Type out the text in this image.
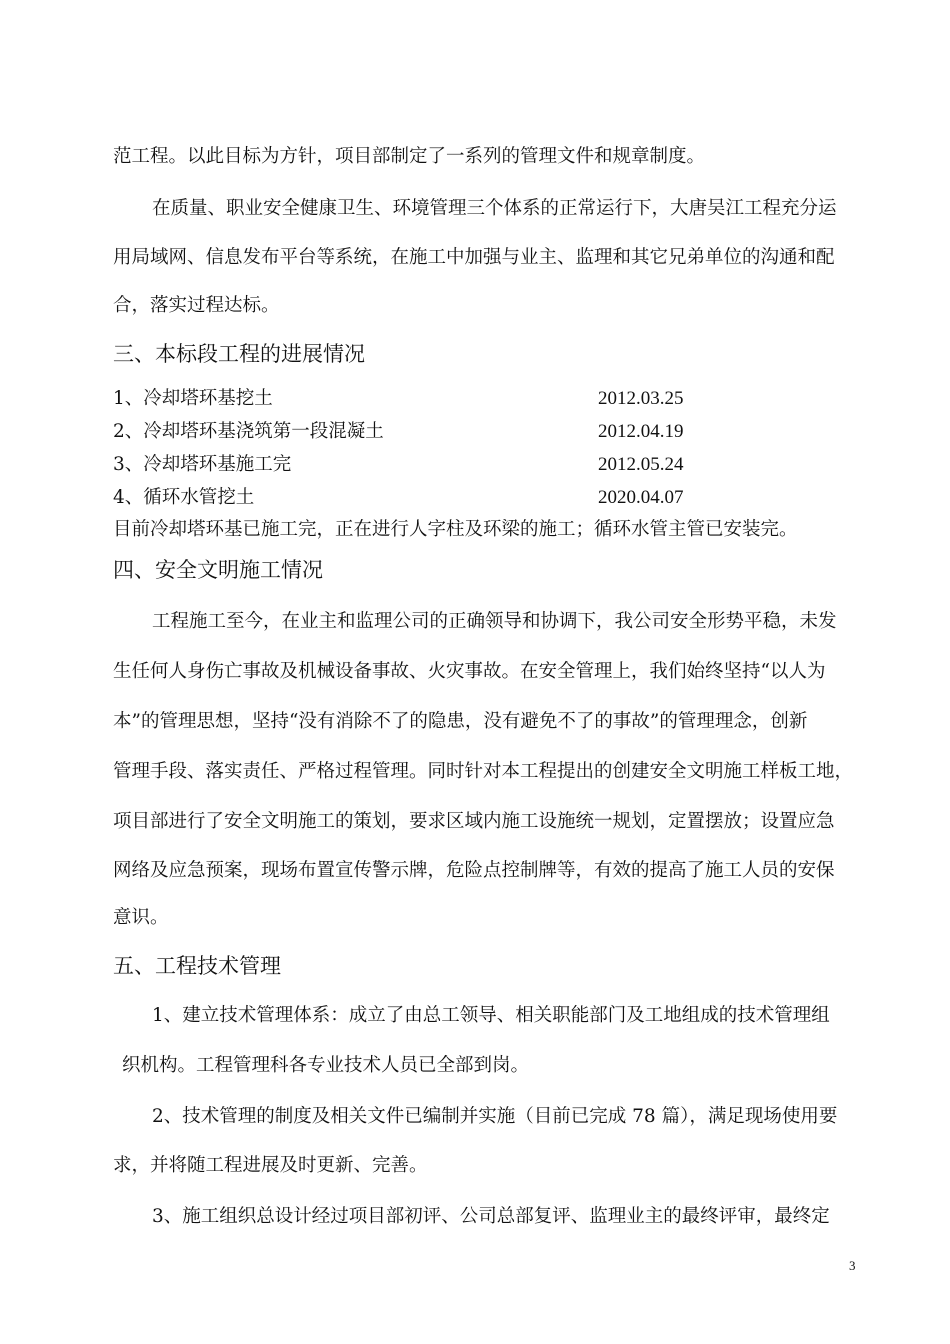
范工程。以此目标为方针，项目部制定了一系列的管理文件和规章制度。
在质量、职业安全健康卫生、环境管理三个体系的正常运行下，大唐吴江工程充分运
用局域网、信息发布平台等系统，在施工中加强与业主、监理和其它兄弟单位的沟通和配
合，落实过程达标。
三、本标段工程的进展情况
1、冷却塔环基挖土	2012.03.25
2、冷却塔环基浇筑第一段混凝土	2012.04.19
3、冷却塔环基施工完	2012.05.24
4、循环水管挖土	2020.04.07
目前冷却塔环基已施工完，正在进行人字柱及环梁的施工；循环水管主管已安装完。
四、安全文明施工情况
工程施工至今，在业主和监理公司的正确领导和协调下，我公司安全形势平稳，未发
生任何人身伤亡事故及机械设备事故、火灾事故。在安全管理上，我们始终坚持“以人为
本”的管理思想，坚持“没有消除不了的隐患，没有避免不了的事故”的管理理念，创新
管理手段、落实责任、严格过程管理。同时针对本工程提出的创建安全文明施工样板工地，
项目部进行了安全文明施工的策划，要求区域内施工设施统一规划，定置摆放；设置应急
网络及应急预案，现场布置宣传警示牌，危险点控制牌等，有效的提高了施工人员的安保
意识。
五、工程技术管理
1、建立技术管理体系：成立了由总工领导、相关职能部门及工地组成的技术管理组
织机构。工程管理科各专业技术人员已全部到岗。
2、技术管理的制度及相关文件已编制并实施（目前已完成 78 篇），满足现场使用要
求，并将随工程进展及时更新、完善。
3、施工组织总设计经过项目部初评、公司总部复评、监理业主的最终评审，最终定
3
